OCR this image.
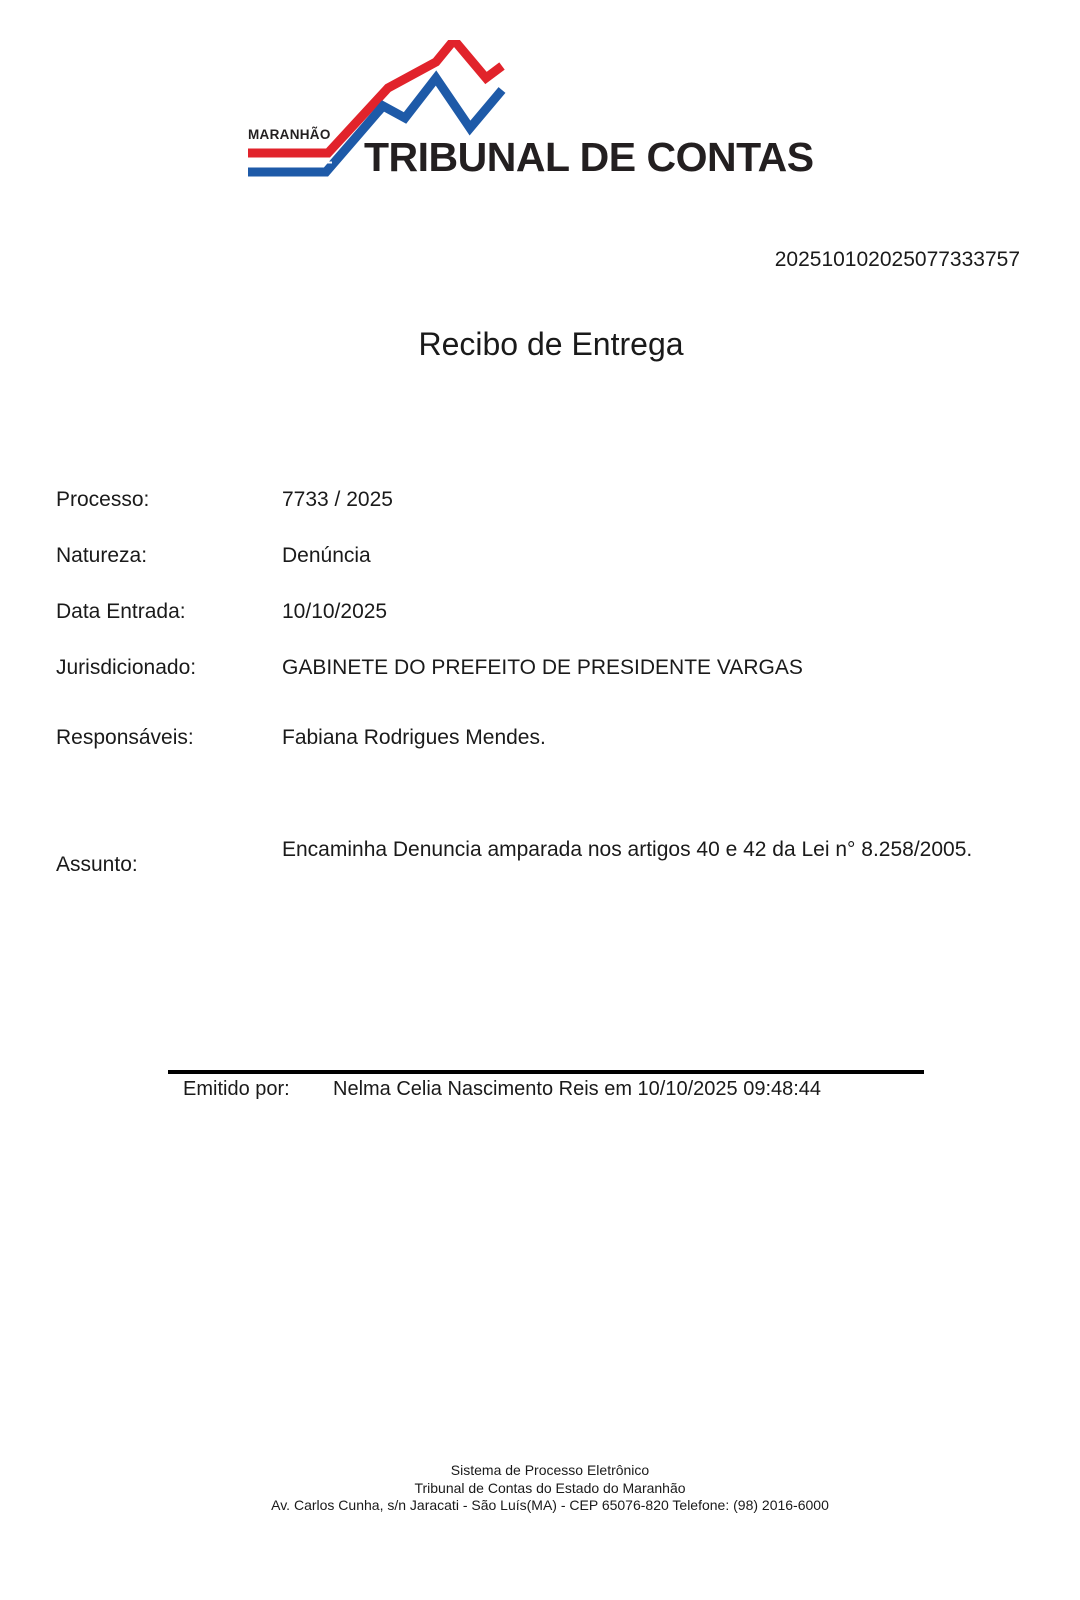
MARANHÃO TRIBUNAL DE CONTAS
202510102025077333757
Recibo de Entrega
Processo:	7733 / 2025
Natureza:	Denúncia
Data Entrada:	10/10/2025
Jurisdicionado:	GABINETE DO PREFEITO DE PRESIDENTE VARGAS
Responsáveis:	Fabiana Rodrigues Mendes.
Assunto:
Encaminha Denuncia amparada nos artigos 40 e 42 da Lei n° 8.258/2005.
Emitido por: Nelma Celia Nascimento Reis em 10/10/2025 09:48:44
Sistema de Processo Eletrônico
Tribunal de Contas do Estado do Maranhão
Av. Carlos Cunha, s/n Jaracati - São Luís(MA) - CEP 65076-820 Telefone: (98) 2016-6000
